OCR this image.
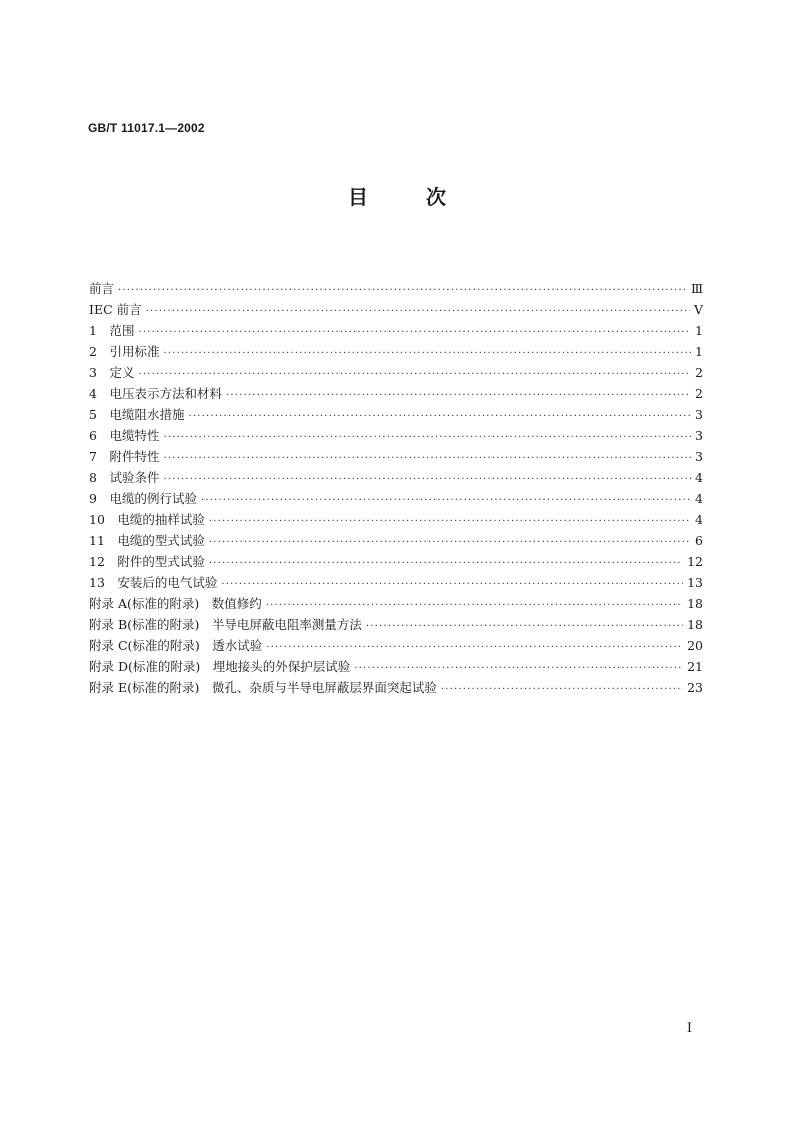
GB/T 11017.1—2002
目	次
前言 ·····	Ⅲ
IEC 前言 ·····	Ⅴ
1　范围 ·····	1
2　引用标准 ·····	1
3　定义 ·····	2
4　电压表示方法和材料 ·····	2
5　电缆阻水措施 ·····	3
6　电缆特性 ·····	3
7　附件特性 ·····	3
8　试验条件 ·····	4
9　电缆的例行试验 ·····	4
10　电缆的抽样试验 ·····	4
11　电缆的型式试验 ·····	6
12　附件的型式试验 ·····	12
13　安装后的电气试验 ·····	13
附录 A(标准的附录)　数值修约 ·····	18
附录 B(标准的附录)　半导电屏蔽电阻率测量方法 ·····	18
附录 C(标准的附录)　透水试验 ·····	20
附录 D(标准的附录)　埋地接头的外保护层试验 ·····	21
附录 E(标准的附录)　微孔、杂质与半导电屏蔽层界面突起试验 ·····	23
I
